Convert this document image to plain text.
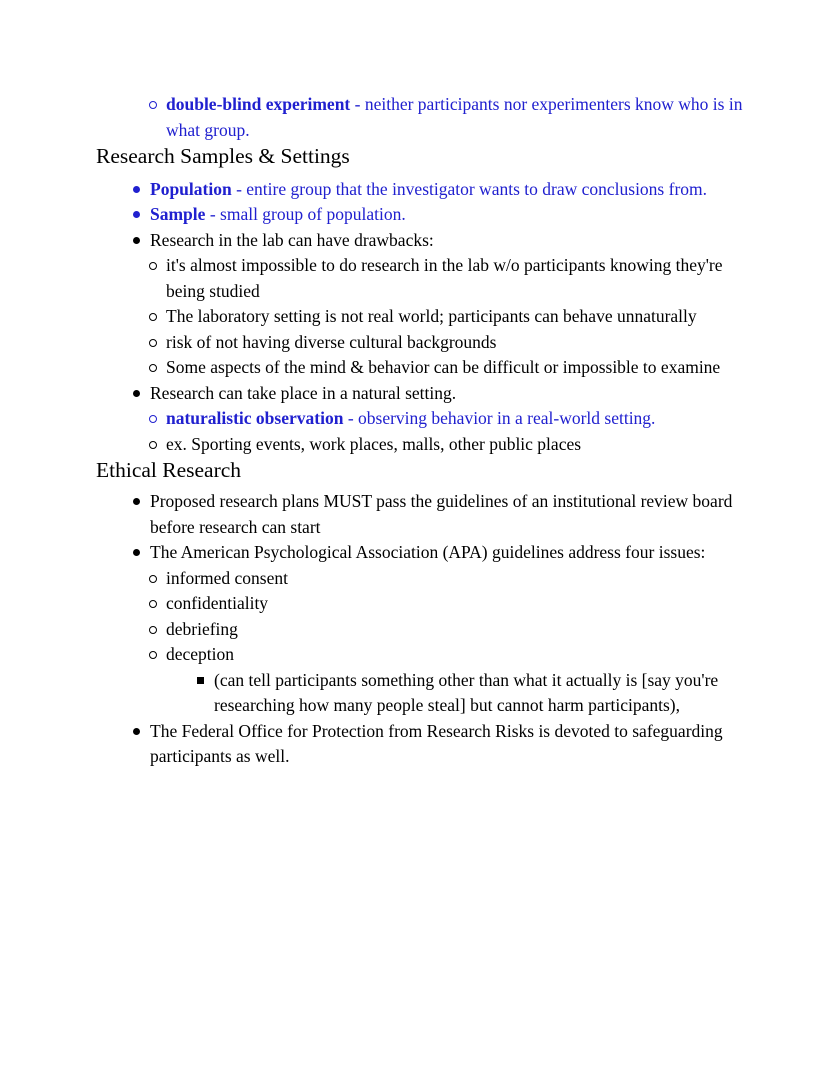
double-blind experiment - neither participants nor experimenters know who is in what group.
Research Samples & Settings
Population - entire group that the investigator wants to draw conclusions from.
Sample - small group of population.
Research in the lab can have drawbacks:
it's almost impossible to do research in the lab w/o participants knowing they're being studied
The laboratory setting is not real world; participants can behave unnaturally
risk of not having diverse cultural backgrounds
Some aspects of the mind & behavior can be difficult or impossible to examine
Research can take place in a natural setting.
naturalistic observation - observing behavior in a real-world setting.
ex. Sporting events, work places, malls, other public places
Ethical Research
Proposed research plans MUST pass the guidelines of an institutional review board before research can start
The American Psychological Association (APA) guidelines address four issues:
informed consent
confidentiality
debriefing
deception
(can tell participants something other than what it actually is [say you're researching how many people steal] but cannot harm participants),
The Federal Office for Protection from Research Risks is devoted to safeguarding participants as well.
